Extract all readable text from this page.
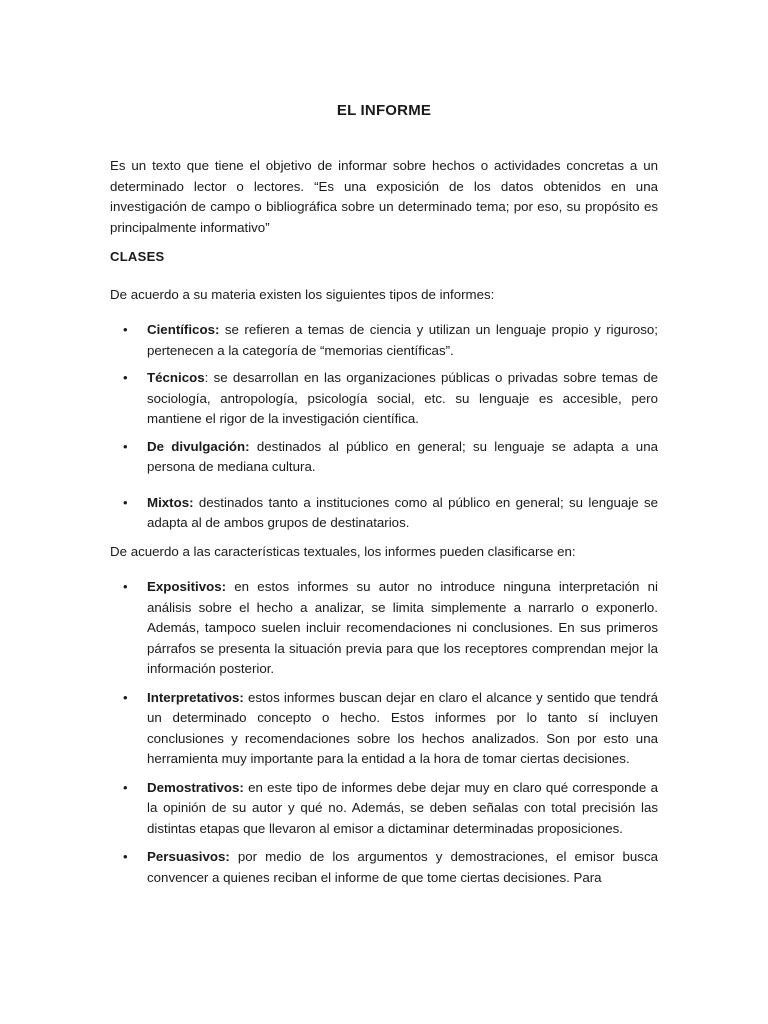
EL INFORME

Es un texto que tiene el objetivo de informar sobre hechos o actividades concretas a un determinado lector o lectores. “Es una exposición de los datos obtenidos en una investigación de campo o bibliográfica sobre un determinado tema; por eso, su propósito es principalmente informativo”

CLASES

De acuerdo a su materia existen los siguientes tipos de informes:

• Científicos: se refieren a temas de ciencia y utilizan un lenguaje propio y riguroso; pertenecen a la categoría de “memorias científicas”.

• Técnicos: se desarrollan en las organizaciones públicas o privadas sobre temas de sociología, antropología, psicología social, etc. su lenguaje es accesible, pero mantiene el rigor de la investigación científica.

• De divulgación: destinados al público en general; su lenguaje se adapta a una persona de mediana cultura.

• Mixtos: destinados tanto a instituciones como al público en general; su lenguaje se adapta al de ambos grupos de destinatarios.

De acuerdo a las características textuales, los informes pueden clasificarse en:

• Expositivos: en estos informes su autor no introduce ninguna interpretación ni análisis sobre el hecho a analizar, se limita simplemente a narrarlo o exponerlo. Además, tampoco suelen incluir recomendaciones ni conclusiones. En sus primeros párrafos se presenta la situación previa para que los receptores comprendan mejor la información posterior.

• Interpretativos: estos informes buscan dejar en claro el alcance y sentido que tendrá un determinado concepto o hecho. Estos informes por lo tanto sí incluyen conclusiones y recomendaciones sobre los hechos analizados. Son por esto una herramienta muy importante para la entidad a la hora de tomar ciertas decisiones.

• Demostrativos: en este tipo de informes debe dejar muy en claro qué corresponde a la opinión de su autor y qué no. Además, se deben señalas con total precisión las distintas etapas que llevaron al emisor a dictaminar determinadas proposiciones.

• Persuasivos: por medio de los argumentos y demostraciones, el emisor busca convencer a quienes reciban el informe de que tome ciertas decisiones. Para
